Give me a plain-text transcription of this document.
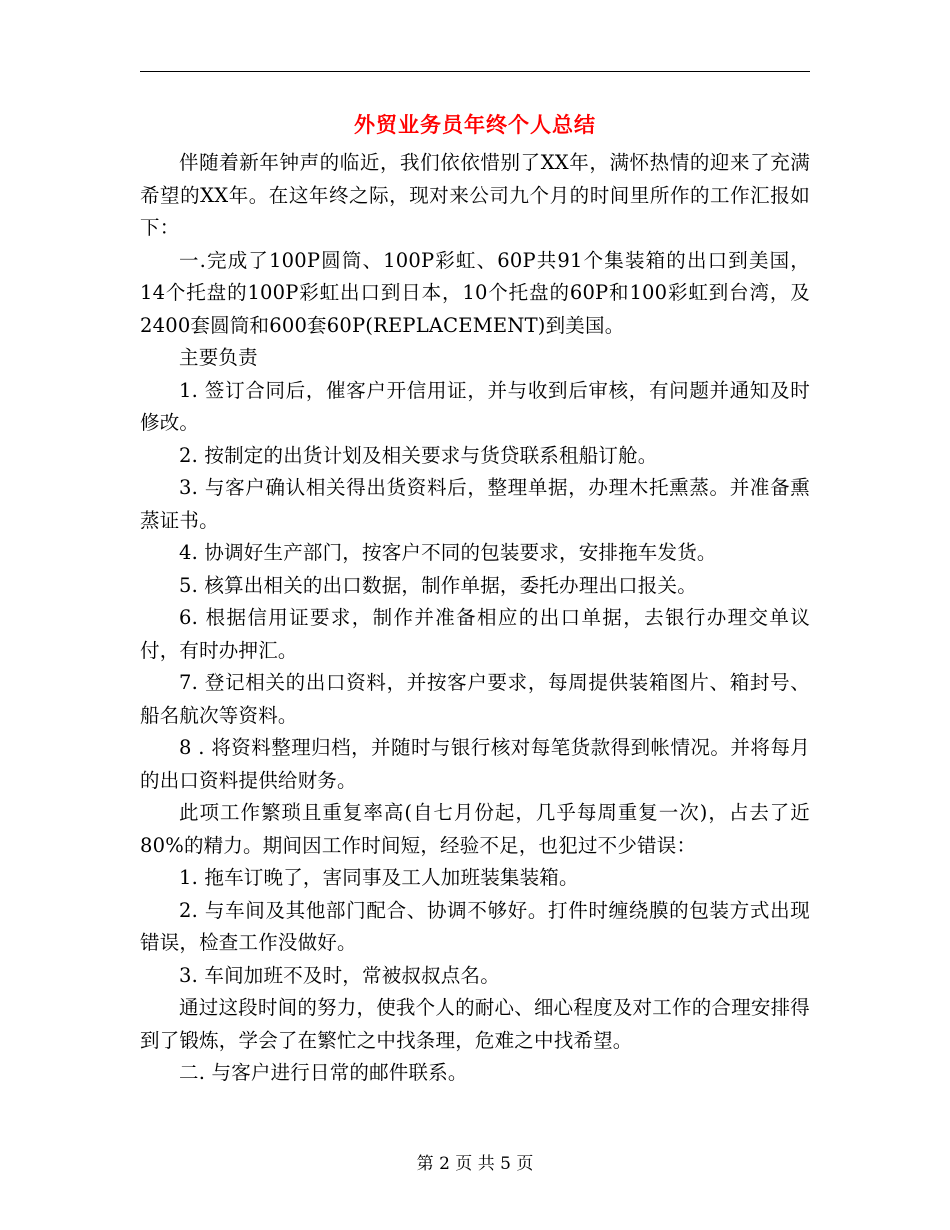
外贸业务员年终个人总结

伴随着新年钟声的临近，我们依依惜别了XX年，满怀热情的迎来了充满希望的XX年。在这年终之际，现对来公司九个月的时间里所作的工作汇报如下：

一.完成了100P圆筒、100P彩虹、60P共91个集装箱的出口到美国，14个托盘的100P彩虹出口到日本，10个托盘的60P和100彩虹到台湾，及2400套圆筒和600套60P(REPLACEMENT)到美国。

主要负责

1. 签订合同后，催客户开信用证，并与收到后审核，有问题并通知及时修改。

2. 按制定的出货计划及相关要求与货贷联系租船订舱。

3. 与客户确认相关得出货资料后，整理单据，办理木托熏蒸。并准备熏蒸证书。

4. 协调好生产部门，按客户不同的包装要求，安排拖车发货。

5. 核算出相关的出口数据，制作单据，委托办理出口报关。

6. 根据信用证要求，制作并准备相应的出口单据，去银行办理交单议付，有时办押汇。

7. 登记相关的出口资料，并按客户要求，每周提供装箱图片、箱封号、船名航次等资料。

8 . 将资料整理归档，并随时与银行核对每笔货款得到帐情况。并将每月的出口资料提供给财务。

此项工作繁琐且重复率高(自七月份起，几乎每周重复一次)，占去了近80%的精力。期间因工作时间短，经验不足，也犯过不少错误：

1. 拖车订晚了，害同事及工人加班装集装箱。

2. 与车间及其他部门配合、协调不够好。打件时缠绕膜的包装方式出现错误，检查工作没做好。

3. 车间加班不及时，常被叔叔点名。

通过这段时间的努力，使我个人的耐心、细心程度及对工作的合理安排得到了锻炼，学会了在繁忙之中找条理，危难之中找希望。

二. 与客户进行日常的邮件联系。

第 2 页 共 5 页
